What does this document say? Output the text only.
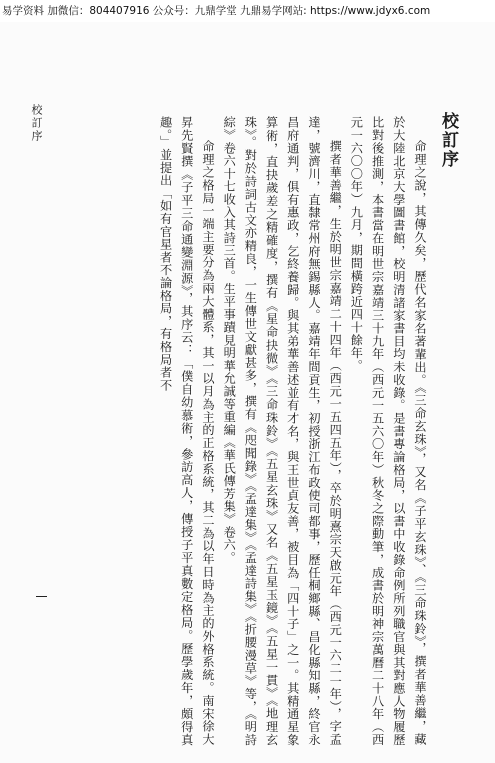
易学资料 加微信：804407916 公众号：九鼎学堂 九鼎易学网站: https://www.jdyx6.com
校訂序
校訂序

命理之說，其傳久矣，歷代名家名著輩出。《三命玄珠》，又名《子平玄珠》、《三命珠鈴》，撰者華善繼，藏於大陸北京大學圖書館，校明清諸家書目均未收錄。是書專論格局，以書中收錄命例所列職官與其對應人物履歷比對後推測，本書當在明世宗嘉靖三十九年（西元一五六〇年）秋冬之際動筆，成書於明神宗萬曆二十八年（西元一六〇〇年）九月，期間橫跨近四十餘年。

撰者華善繼，生於明世宗嘉靖二十四年（西元一五四五年），卒於明熹宗天啟元年（西元一六二一年），字孟達，號濟川，直隸常州府無錫縣人。嘉靖年間貢生，初授浙江布政使司都事，歷任桐鄉縣、昌化縣知縣，終官永昌府通判，俱有惠政，乞終養歸。與其弟華善述並有才名，與王世貞友善，被目為「四十子」之一。其精通星象算術，直抉歲差之精確度，撰有《星命抉微》《三命珠鈴》《五星玄珠》又名《五星玉鏡》《五星一貫》《地理玄珠》。對於詩詞古文亦精良，一生傳世文獻甚多，撰有《咫聞錄》《孟達集》《孟達詩集》《折腰漫草》等，《明詩綜》卷六十七收入其詩三首。生平事蹟見明華允誠等重編《華氏傳芳集》卷六。

命理之格局一端主要分為兩大體系，其一以月為主的正格系統，其二為以年日時為主的外格系統。南宋徐大昇先賢撰《子平三命通變淵源》，其序云：「僕自幼慕術，參訪高人，傳授子平真數定格局。歷學歲年，頗得真趣。」並提出「如有官星者不論格局，有格局者不
